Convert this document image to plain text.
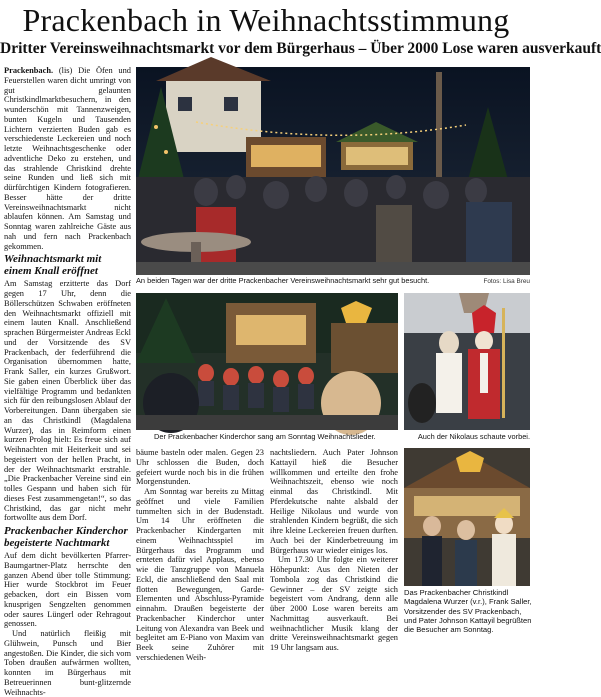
Prackenbach in Weihnachtsstimmung
Dritter Vereinsweihnachtsmarkt vor dem Bürgerhaus – Über 2000 Lose waren ausverkauft

Prackenbach. (lis) Die Öfen und Feuerstellen waren dicht umringt von gut gelaunten Christkindlmarktbesuchern, in den wunderschön mit Tannenzweigen, bunten Kugeln und Tausenden Lichtern verzierten Buden gab es verschiedenste Leckereien und noch letzte Weihnachtsgeschenke oder adventliche Deko zu erstehen, und das strahlende Christkind drehte seine Runden und ließ sich mit dürfürchtigen Kindern fotografieren. Besser hätte der dritte Vereinsweihnachtsmarkt nicht ablaufen können. Am Samstag und Sonntag waren zahlreiche Gäste aus nah und fern nach Prackenbach gekommen.

Weihnachtsmarkt mit einem Knall eröffnet

Am Samstag erzitterte das Dorf gegen 17 Uhr, denn die Böllerschützen Schwaben eröffneten den Weihnachtsmarkt offiziell mit einem lauten Knall. Anschließend sprachen Bürgermeister Andreas Eckl und der Vorsitzende des SV Prackenbach, der federführend die Organisation übernommen hatte, Frank Saller, ein kurzes Grußwort. Sie gaben einen Überblick über das vielfältige Programm und bedankten sich für den reibungslosen Ablauf der Vorbereitungen. Dann übergaben sie an das Christkindl (Magdalena Wurzer), das in Reimform einen kurzen Prolog hielt: Es freue sich auf Weihnachten mit Heiterkeit und sei begeistert von der hellen Pracht, in der der Weihnachtsmarkt erstrahle. „Die Prackenbacher Vereine sind ein tolles Gespann und haben sich für dieses Fest zusammengetan!“, so das Christkind, das gar nicht mehr fortwollte aus dem Dorf.

Prackenbacher Kinderchor begeisterte Nachtmarkt

Auf dem dicht bevölkerten Pfarrer-Baumgartner-Platz herrschte den ganzen Abend über tolle Stimmung: Hier wurde Stockbrot im Feuer gebacken, dort ein Bissen vom knusprigen Sengzelten genommen oder saures Lüngerl oder Rehragout genossen.

Und natürlich fleißig mit Glühwein, Punsch und Bier angestoßen. Die Kinder, die sich vom Toben draußen aufwärmen wollten, konnten im Bürgerhaus mit Betreuerinnen bunt-glitzernde Weihnachts-

An beiden Tagen war der dritte Prackenbacher Vereinsweihnachtsmarkt sehr gut besucht.	Fotos: Lisa Breu
Der Prackenbacher Kinderchor sang am Sonntag Weihnachtslieder.	Auch der Nikolaus schaute vorbei.

bäume basteln oder malen. Gegen 23 Uhr schlossen die Buden, doch gefeiert wurde noch bis in die frühen Morgenstunden.

Am Sonntag war bereits zu Mittag geöffnet und viele Familien tummelten sich in der Budenstadt. Um 14 Uhr eröffneten die Prackenbacher Kindergarten mit einem Weihnachtsspiel im Bürgerhaus das Programm und ernteten dafür viel Applaus, ebenso wie die Tanzgruppe von Manuela Eckl, die anschließend den Saal mit flotten Bewegungen, Garde-Elementen und Abschluss-Pyramide einnahm. Draußen begeisterte der Prackenbacher Kinderchor unter Leitung von Alexandra van Beek und begleitet am E-Piano von Maxim van Beek seine Zuhörer mit verschiedenen Weih-

nachtsliedern. Auch Pater Johnson Kattayil hieß die Besucher willkommen und erteilte den frohe Weihnachtszeit, ebenso wie noch einmal das Christkindl. Mit Pferdekutsche nahte alsbald der Heilige Nikolaus und wurde von strahlenden Kindern begrüßt, die sich ihre kleine Leckereien freuen durften. Auch bei der Kinderbetreuung im Bürgerhaus war wieder einiges los.

Um 17.30 Uhr folgte ein weiterer Höhepunkt: Aus den Nieten der Tombola zog das Christkind die Gewinner – der SV zeigte sich begeistert vom Andrang, denn alle über 2000 Lose waren bereits am Nachmittag ausverkauft. Bei weihnachtlicher Musik klang der dritte Vereinsweihnachtsmarkt gegen 19 Uhr langsam aus.

Das Prackenbacher Christkindl Magdalena Wurzer (v.r.), Frank Saller, Vorsitzender des SV Prackenbach, und Pater Johnson Kattayil begrüßten die Besucher am Sonntag.
